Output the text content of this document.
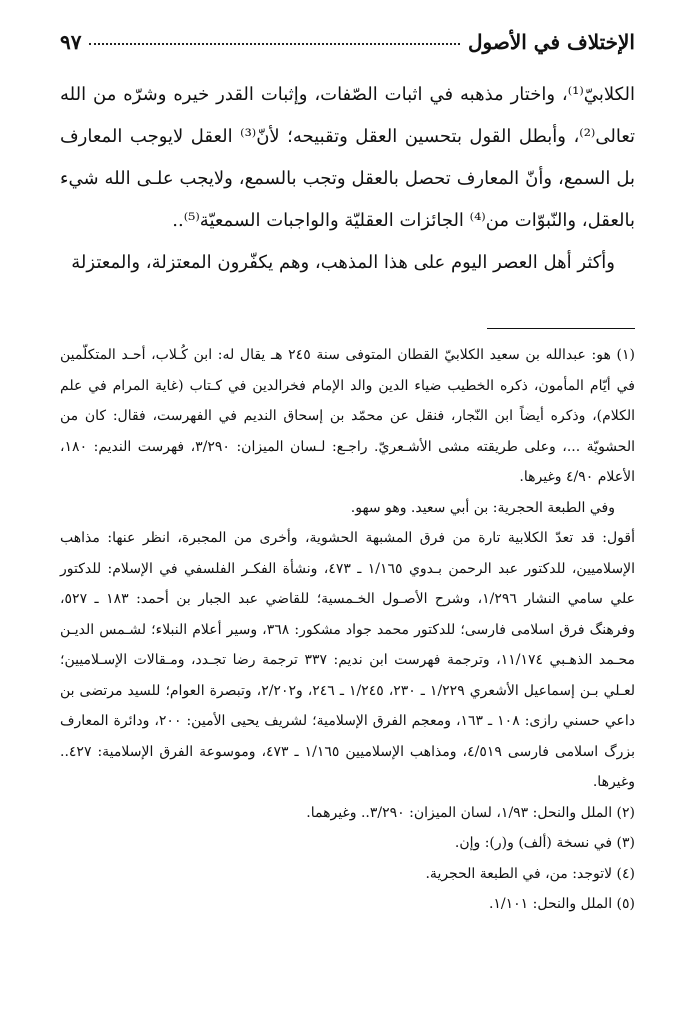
الإختلاف في الأصول
٩٧

الكلابيّ⁽¹⁾، واختار مذهبه في اثبات الصّفات، وإثبات القدر خيره وشرّه من الله تعالى⁽²⁾، وأبطل القول بتحسين العقل وتقبيحه؛ لأنّ⁽³⁾ العقل لايوجب المعارف بل السمع، وأنّ المعارف تحصل بالعقل وتجب بالسمع، ولايجب علـى الله شيء بالعقل، والنّبوّات من⁽⁴⁾ الجائزات العقليّة والواجبات السمعيّة⁽⁵⁾..

وأكثر أهل العصر اليوم على هذا المذهب، وهم يكفّرون المعتزلة، والمعتزلة

(١) هو: عبدالله بن سعيد الكلابيّ القطان المتوفى سنة ٢٤٥ هـ يقال له: ابن كُـلاب، أحـد المتكلّمين في أيّام المأمون، ذكره الخطيب ضياء الدين والد الإمام فخرالدين في كـتاب (غاية المرام في علم الكلام)، وذكره أيضاً ابن النّجار، فنقل عن محمّد بن إسحاق النديم في الفهرست، فقال: كان من الحشويّة ...، وعلى طريقته مشى الأشـعريّ. راجـع: لـسان الميزان: ٣/٢٩٠، فهرست النديم: ١٨٠، الأعلام ٤/٩٠ وغيرها.

وفي الطبعة الحجرية: بن أبي سعيد. وهو سهو.

أقول: قد تعدّ الكلابية تارة من فرق المشبهة الحشوية، وأخرى من المجبرة، انظر عنها: مذاهب الإسلاميين، للدكتور عبد الرحمن بـدوي ١/١٦٥ ـ ٤٧٣، ونشأة الفكـر الفلسفي في الإسلام: للدكتور علي سامي النشار ١/٢٩٦، وشرح الأصـول الخـمسية؛ للقاضي عبد الجبار بن أحمد: ١٨٣ ـ ٥٢٧، وفرهنگ فرق اسلامى فارسى؛ للدكتور محمد جواد مشكور: ٣٦٨، وسير أعلام النبلاء؛ لشـمس الديـن محـمد الذهـبي ١١/١٧٤، وترجمة فهرست ابن نديم: ٣٣٧ ترجمة رضا تجـدد، ومـقالات الإسـلاميين؛ لعـلي بـن إسماعيل الأشعري ١/٢٢٩ ـ ٢٣٠، ١/٢٤٥ ـ ٢٤٦، و٢/٢٠٢، وتبصرة العوام؛ للسيد مرتضى بن داعي حسني رازى: ١٠٨ ـ ١٦٣، ومعجم الفرق الإسلامية؛ لشريف يحيى الأمين: ٢٠٠، ودائرة المعارف بزرگ اسلامى فارسى ٤/٥١٩، ومذاهب الإسلاميين ١/١٦٥ ـ ٤٧٣، وموسوعة الفرق الإسلامية: ٤٢٧.. وغيرها.

(٢) الملل والنحل: ١/٩٣، لسان الميزان: ٣/٢٩٠.. وغيرهما.

(٣) في نسخة (ألف) و(ر): وإن.

(٤) لاتوجد: من، في الطبعة الحجرية.

(٥) الملل والنحل: ١/١٠١.
